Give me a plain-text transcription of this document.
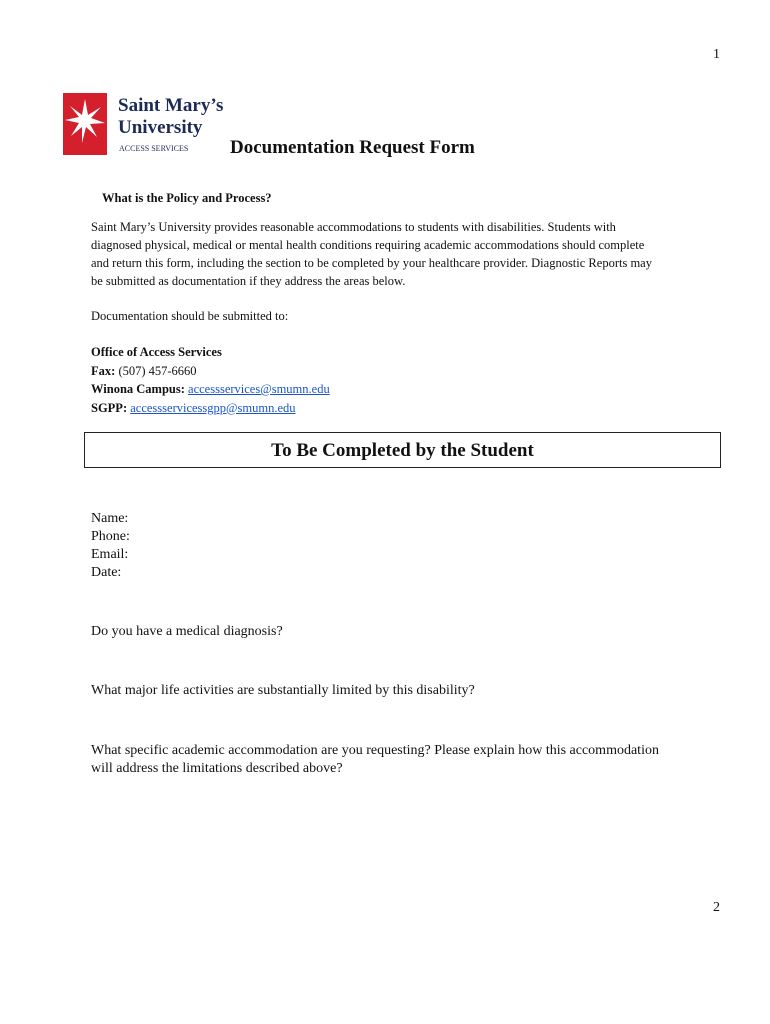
1
Saint Mary’s
University
ACCESS SERVICES Documentation Request Form
What is the Policy and Process?
Saint Mary’s University provides reasonable accommodations to students with disabilities. Students with
diagnosed physical, medical or mental health conditions requiring academic accommodations should complete
and return this form, including the section to be completed by your healthcare provider. Diagnostic Reports may
be submitted as documentation if they address the areas below.
Documentation should be submitted to:
Office of Access Services
Fax: (507) 457-6660
Winona Campus: accessservices@smumn.edu
SGPP: accessservicessgpp@smumn.edu
To Be Completed by the Student
Name:
Phone:
Email:
Date:
Do you have a medical diagnosis?
What major life activities are substantially limited by this disability?
What specific academic accommodation are you requesting? Please explain how this accommodation
will address the limitations described above?
2
